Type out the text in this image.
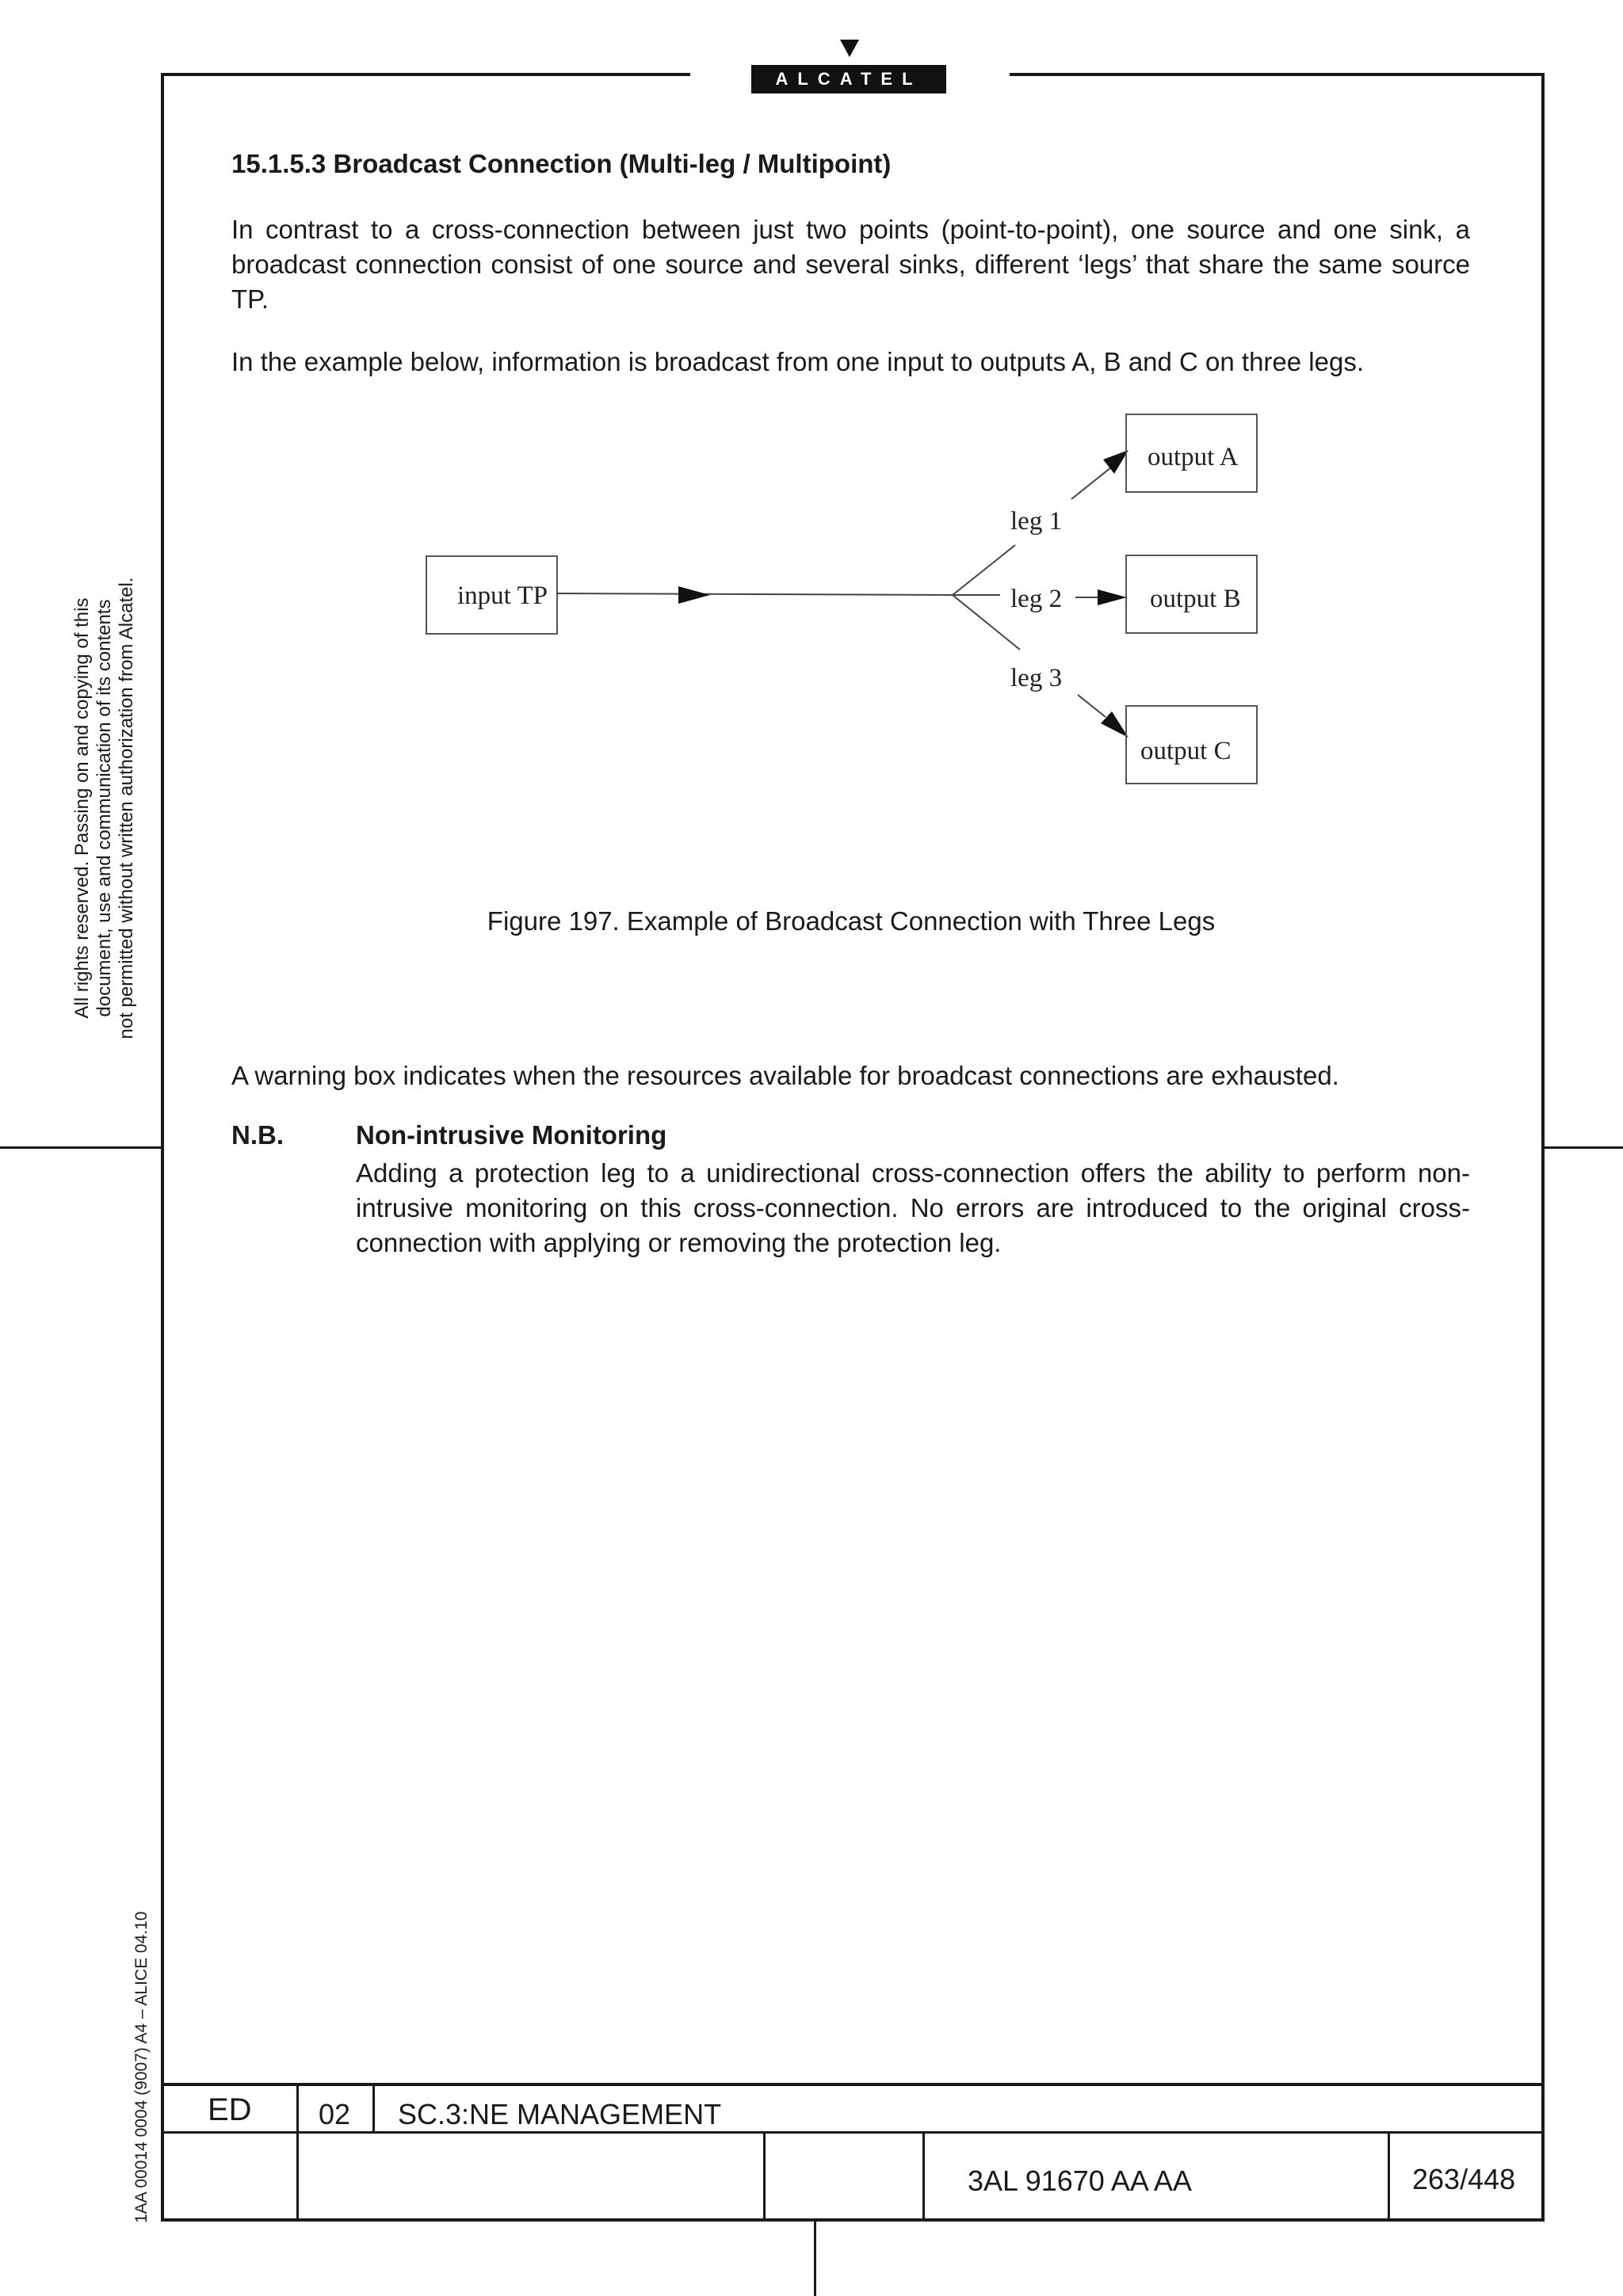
ALCATEL
All rights reserved. Passing on and copying of this document, use and communication of its contents not permitted without written authorization from Alcatel.
1AA 00014 0004 (9007) A4 – ALICE 04.10
15.1.5.3 Broadcast Connection (Multi-leg / Multipoint)
In contrast to a cross-connection between just two points (point-to-point), one source and one sink, a broadcast connection consist of one source and several sinks, different ‘legs’ that share the same source TP.
In the example below, information is broadcast from one input to outputs A, B and C on three legs.
input TP
leg 1
leg 2
leg 3
output A
output B
output C
Figure 197. Example of Broadcast Connection with Three Legs
A warning box indicates when the resources available for broadcast connections are exhausted.
N.B.	Non-intrusive Monitoring
Adding a protection leg to a unidirectional cross-connection offers the ability to perform non-intrusive monitoring on this cross-connection. No errors are introduced to the original cross-connection with applying or removing the protection leg.
ED 02 SC.3:NE MANAGEMENT
3AL 91670 AA AA	263/448
